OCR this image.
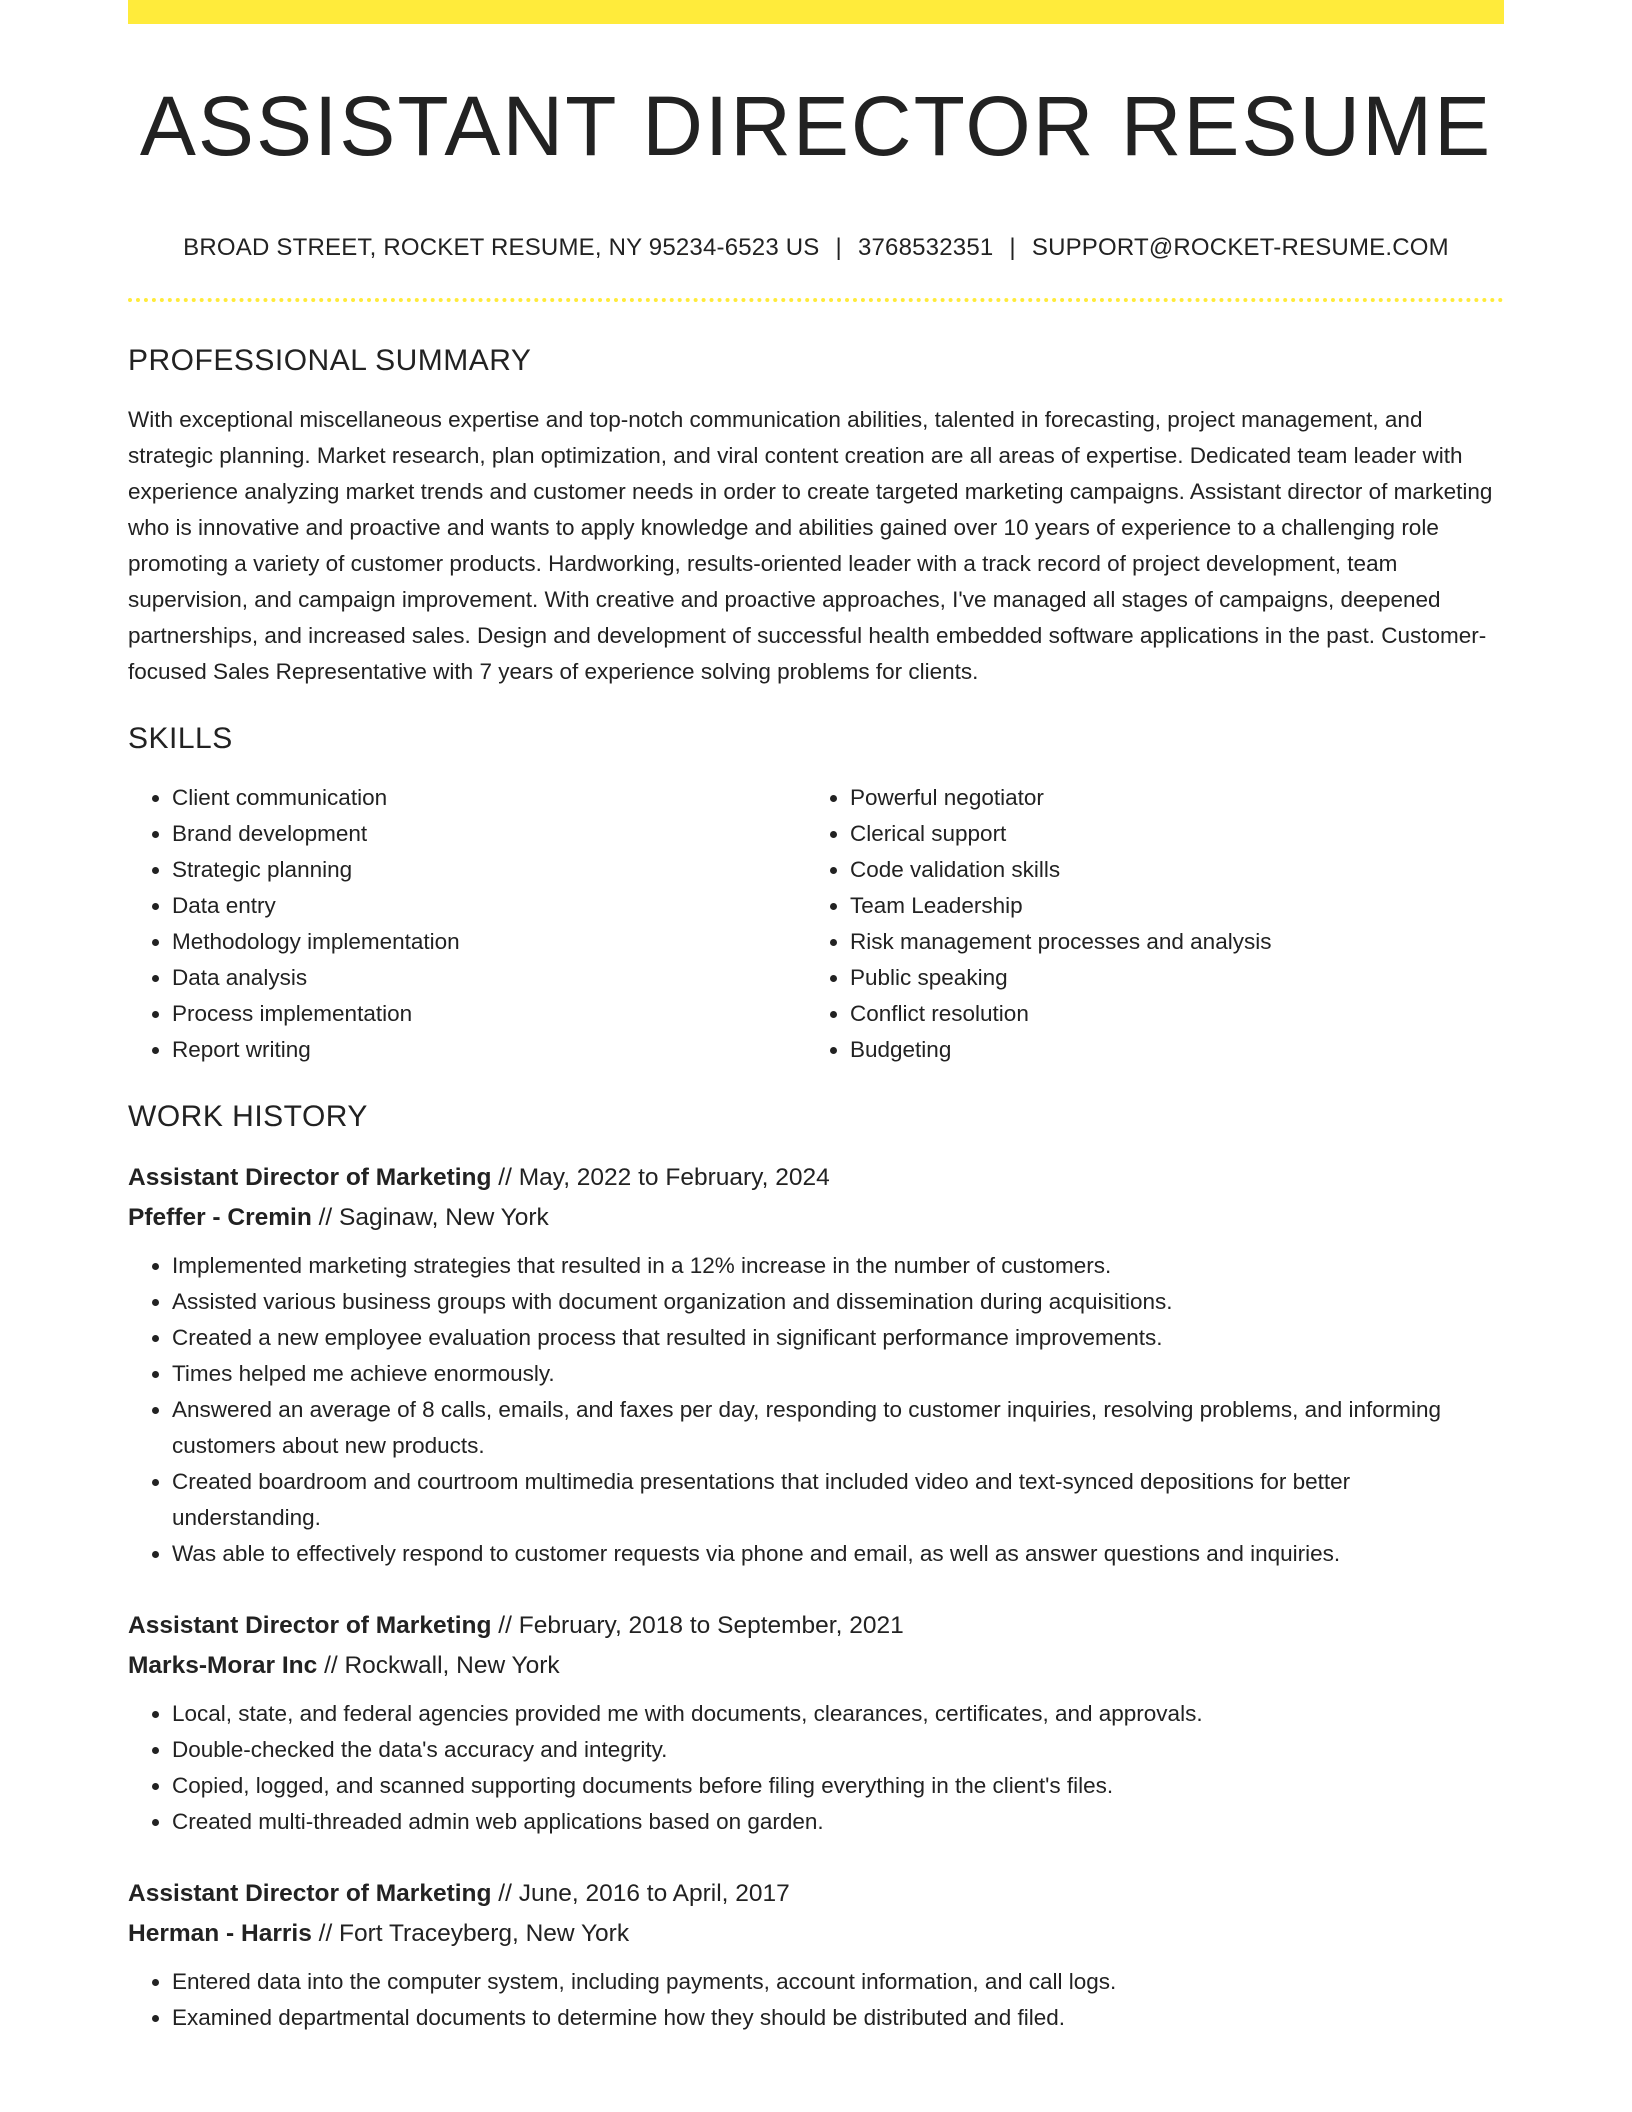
ASSISTANT DIRECTOR RESUME
BROAD STREET, ROCKET RESUME, NY 95234-6523 US | 3768532351 | SUPPORT@ROCKET-RESUME.COM
PROFESSIONAL SUMMARY

With exceptional miscellaneous expertise and top-notch communication abilities, talented in forecasting, project management, and strategic planning. Market research, plan optimization, and viral content creation are all areas of expertise. Dedicated team leader with experience analyzing market trends and customer needs in order to create targeted marketing campaigns. Assistant director of marketing who is innovative and proactive and wants to apply knowledge and abilities gained over 10 years of experience to a challenging role promoting a variety of customer products. Hardworking, results-oriented leader with a track record of project development, team supervision, and campaign improvement. With creative and proactive approaches, I've managed all stages of campaigns, deepened partnerships, and increased sales. Design and development of successful health embedded software applications in the past. Customer-focused Sales Representative with 7 years of experience solving problems for clients.

SKILLS
• Client communication
• Brand development
• Strategic planning
• Data entry
• Methodology implementation
• Data analysis
• Process implementation
• Report writing
• Powerful negotiator
• Clerical support
• Code validation skills
• Team Leadership
• Risk management processes and analysis
• Public speaking
• Conflict resolution
• Budgeting
WORK HISTORY
Assistant Director of Marketing // May, 2022 to February, 2024
Pfeffer - Cremin // Saginaw, New York
• Implemented marketing strategies that resulted in a 12% increase in the number of customers.
• Assisted various business groups with document organization and dissemination during acquisitions.
• Created a new employee evaluation process that resulted in significant performance improvements.
• Times helped me achieve enormously.
• Answered an average of 8 calls, emails, and faxes per day, responding to customer inquiries, resolving problems, and informing customers about new products.
• Created boardroom and courtroom multimedia presentations that included video and text-synced depositions for better understanding.
• Was able to effectively respond to customer requests via phone and email, as well as answer questions and inquiries.
Assistant Director of Marketing // February, 2018 to September, 2021
Marks-Morar Inc // Rockwall, New York
• Local, state, and federal agencies provided me with documents, clearances, certificates, and approvals.
• Double-checked the data's accuracy and integrity.
• Copied, logged, and scanned supporting documents before filing everything in the client's files.
• Created multi-threaded admin web applications based on garden.
Assistant Director of Marketing // June, 2016 to April, 2017
Herman - Harris // Fort Traceyberg, New York
• Entered data into the computer system, including payments, account information, and call logs.
• Examined departmental documents to determine how they should be distributed and filed.
